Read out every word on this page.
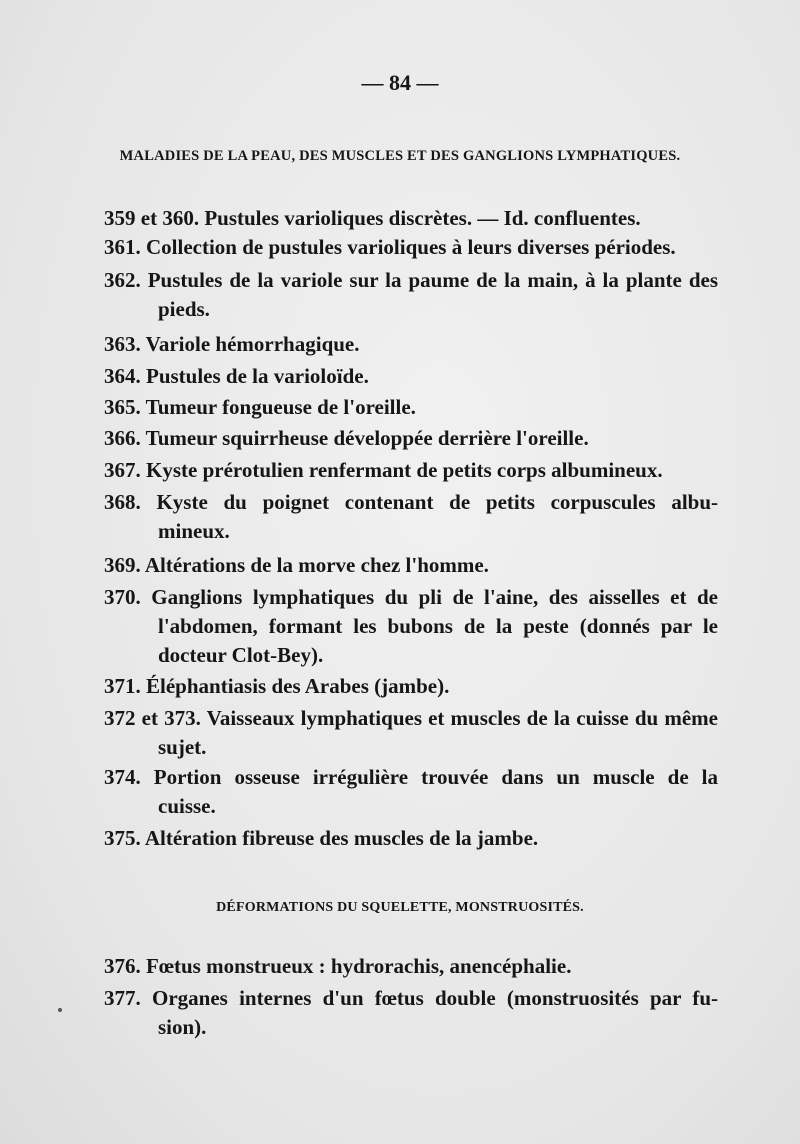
— 84 —
MALADIES DE LA PEAU, DES MUSCLES ET DES GANGLIONS LYMPHATIQUES.
359 et 360. Pustules varioliques discrètes. — Id. confluentes.
361. Collection de pustules varioliques à leurs diverses périodes.
362. Pustules de la variole sur la paume de la main, à la plante des
pieds.
363. Variole hémorrhagique.
364. Pustules de la varioloïde.
365. Tumeur fongueuse de l'oreille.
366. Tumeur squirrheuse développée derrière l'oreille.
367. Kyste prérotulien renfermant de petits corps albumineux.
368. Kyste du poignet contenant de petits corpuscules albu-
mineux.
369. Altérations de la morve chez l'homme.
370. Ganglions lymphatiques du pli de l'aine, des aisselles et de
l'abdomen, formant les bubons de la peste (donnés par le
docteur Clot-Bey).
371. Éléphantiasis des Arabes (jambe).
372 et 373. Vaisseaux lymphatiques et muscles de la cuisse du même
sujet.
374. Portion osseuse irrégulière trouvée dans un muscle de la
cuisse.
375. Altération fibreuse des muscles de la jambe.
DÉFORMATIONS DU SQUELETTE, MONSTRUOSITÉS.
376. Fœtus monstrueux : hydrorachis, anencéphalie.
377. Organes internes d'un fœtus double (monstruosités par fu-
sion).
